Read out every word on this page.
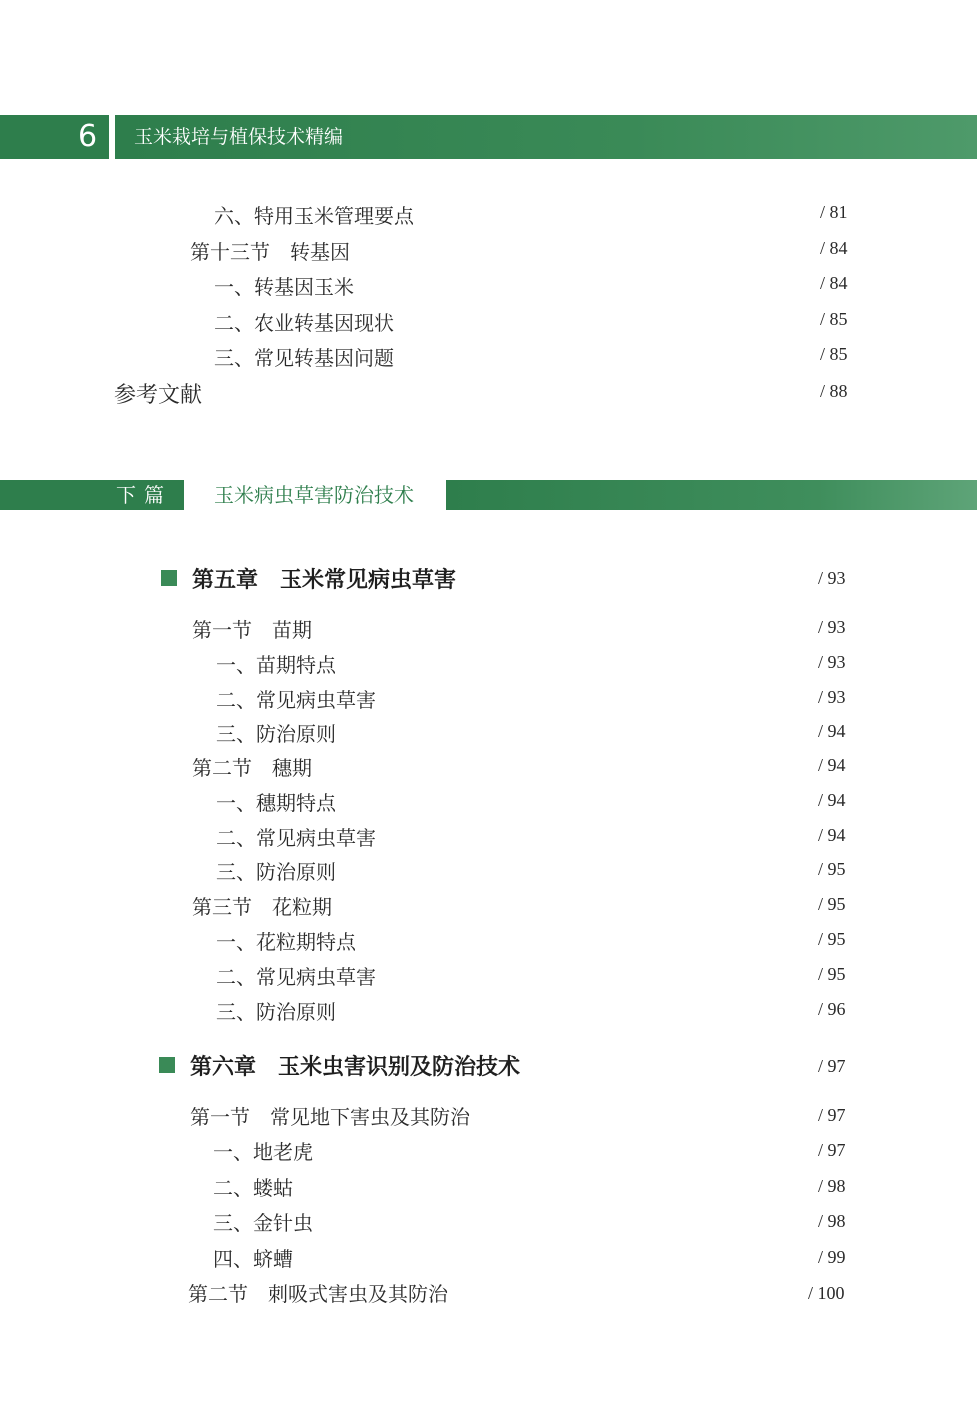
6 玉米栽培与植保技术精编
六、特用玉米管理要点	/ 81
第十三节　转基因	/ 84
一、转基因玉米	/ 84
二、农业转基因现状	/ 85
三、常见转基因问题	/ 85
参考文献	/ 88
下篇 玉米病虫草害防治技术
第五章　玉米常见病虫草害	/ 93
第一节　苗期	/ 93
一、苗期特点	/ 93
二、常见病虫草害	/ 93
三、防治原则	/ 94
第二节　穗期	/ 94
一、穗期特点	/ 94
二、常见病虫草害	/ 94
三、防治原则	/ 95
第三节　花粒期	/ 95
一、花粒期特点	/ 95
二、常见病虫草害	/ 95
三、防治原则	/ 96
第六章　玉米虫害识别及防治技术	/ 97
第一节　常见地下害虫及其防治	/ 97
一、地老虎	/ 97
二、蝼蛄	/ 98
三、金针虫	/ 98
四、蛴螬	/ 99
第二节　刺吸式害虫及其防治	/ 100
